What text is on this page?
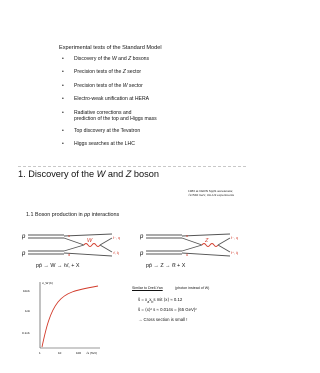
Experimental tests of the Standard Model
• Discovery of the W and Z bosons
• Precision tests of the Z sector
• Precision tests of the W sector
• Electro-weak unification at HERA
• Radiative corrections and
prediction of the top and Higgs mass
• Top discovery at the Tevatron
• Higgs searches at the LHC
1. Discovery of the W and Z boson
1983 at CERN SppS accelerator,
√s=540 GeV, UA-1/2 experiments
1.1 Boson production in pp interactions
p
p
u
d
W	ℓ⁻, q
ν̄, q̄
p
p
u
ū
Z	ℓ⁻, q
ℓ⁺, q̄
pp̄ → W → ℓν̄, + X	pp̄ → Z → ℓ̄ℓ + X
σ_W (b)
10nb
1nb
0.1nb
1	10	100 √s (TeV)
Similar to Drell-Yan	(photon instead of W)
ŝ = $x_ax_bs$ mit ⟨x⟩ ≈ 0.12
ŝ = ⟨x⟩² s ≈ 0.014s = (65 GeV)²
→ Cross section is small !
